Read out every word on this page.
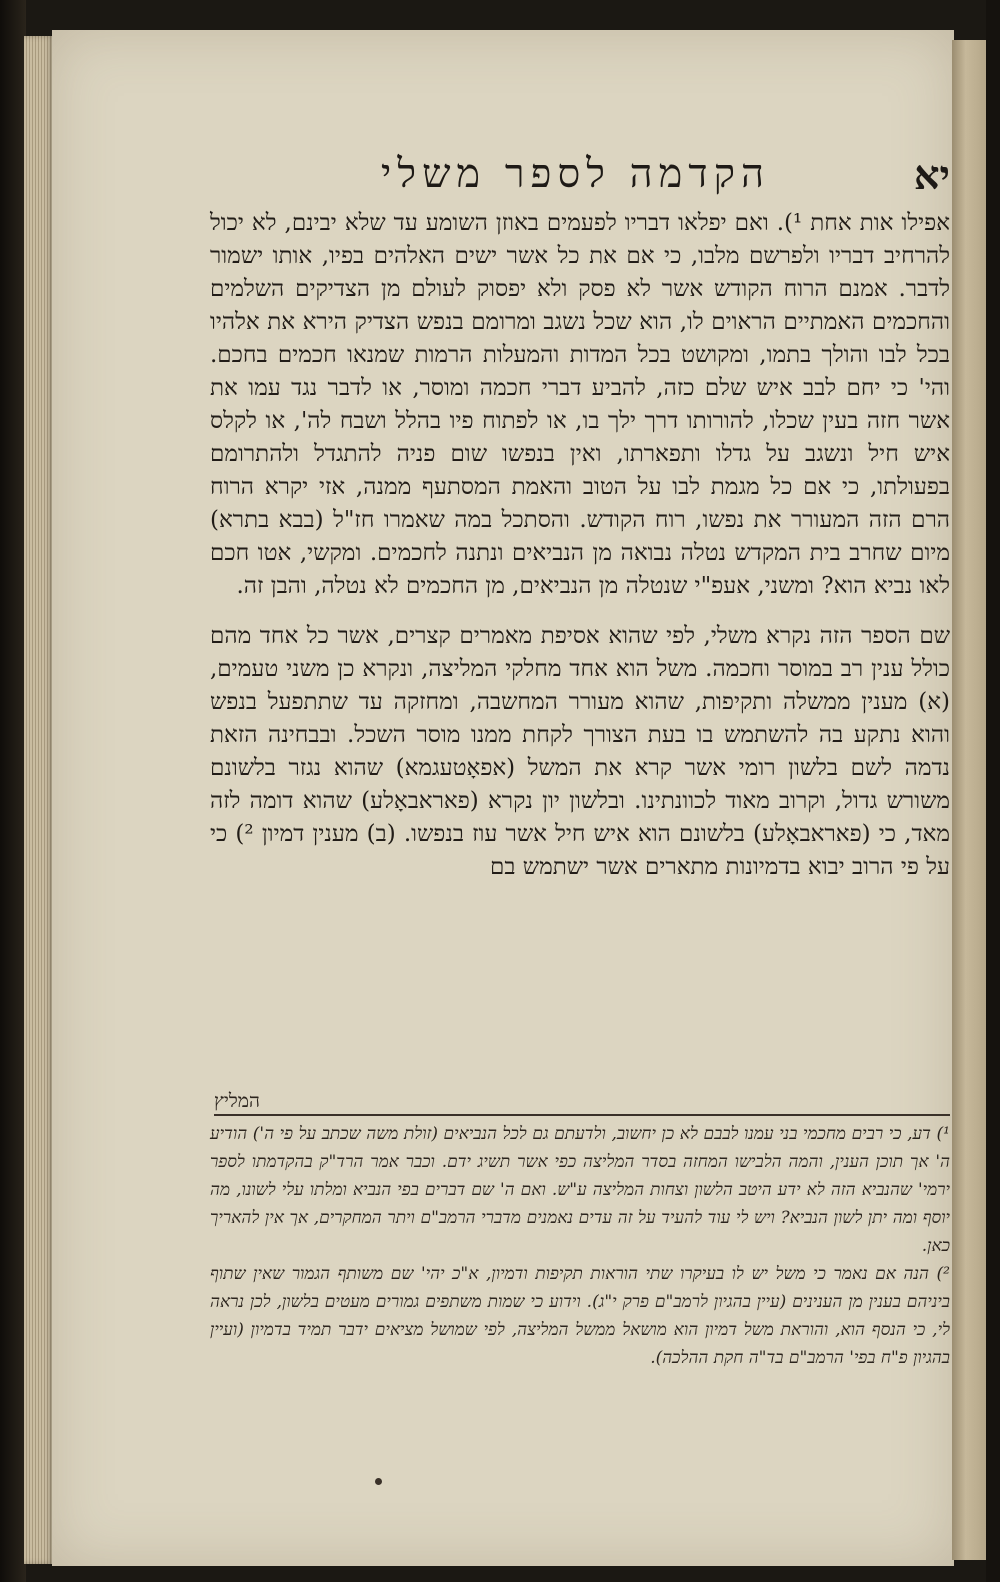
יא
הקדמה לספר משלי

אפילו אות אחת ¹). ואם יפלאו דבריו לפעמים באוזן השומע עד שלא יבינם, לא יכול להרחיב דבריו ולפרשם מלבו, כי אם את כל אשר ישים האלהים בפיו, אותו ישמור לדבר. אמנם הרוח הקודש אשר לא פסק ולא יפסוק לעולם מן הצדיקים השלמים והחכמים האמתיים הראוים לו, הוא שכל נשגב ומרומם בנפש הצדיק הירא את אלהיו בכל לבו והולך בתמו, ומקושט בכל המדות והמעלות הרמות שמנאו חכמים בחכם. והי' כי יחם לבב איש שלם כזה, להביע דברי חכמה ומוסר, או לדבר נגד עמו את אשר חזה בעין שכלו, להורותו דרך ילך בו, או לפתוח פיו בהלל ושבח לה', או לקלס איש חיל ונשגב על גדלו ותפארתו, ואין בנפשו שום פניה להתגדל ולהתרומם בפעולתו, כי אם כל מגמת לבו על הטוב והאמת המסתעף ממנה, אזי יקרא הרוח הרם הזה המעורר את נפשו, רוח הקודש. והסתכל במה שאמרו חז"ל (בבא בתרא) מיום שחרב בית המקדש נטלה נבואה מן הנביאים ונתנה לחכמים. ומקשי, אטו חכם לאו נביא הוא? ומשני, אעפ"י שנטלה מן הנביאים, מן החכמים לא נטלה, והבן זה.

שם הספר הזה נקרא משלי, לפי שהוא אסיפת מאמרים קצרים, אשר כל אחד מהם כולל ענין רב במוסר וחכמה. משל הוא אחד מחלקי המליצה, ונקרא כן משני טעמים, (א) מענין ממשלה ותקיפות, שהוא מעורר המחשבה, ומחזקה עד שתתפעל בנפש והוא נתקע בה להשתמש בו בעת הצורך לקחת ממנו מוסר השכל. ובבחינה הזאת נדמה לשם בלשון רומי אשר קרא את המשל (אפאָטעגמא) שהוא נגזר בלשונם משורש גדול, וקרוב מאוד לכוונתינו. ובלשון יון נקרא (פאראבאָלע) שהוא דומה לזה מאד, כי (פאראבאָלע) בלשונם הוא איש חיל אשר עוז בנפשו. (ב) מענין דמיון ²) כי על פי הרוב יבוא בדמיונות מתארים אשר ישתמש בם

המליץ

¹) דע, כי רבים מחכמי בני עמנו לבבם לא כן יחשוב, ולדעתם גם לכל הנביאים (זולת משה שכתב על פי ה') הודיע ה' אך תוכן הענין, והמה הלבישו המחזה בסדר המליצה כפי אשר תשיג ידם. וכבר אמר הרד"ק בהקדמתו לספר ירמי' שהנביא הזה לא ידע היטב הלשון וצחות המליצה ע"ש. ואם ה' שם דברים בפי הנביא ומלתו עלי לשונו, מה יוסף ומה יתן לשון הנביא? ויש לי עוד להעיד על זה עדים נאמנים מדברי הרמב"ם ויתר המחקרים, אך אין להאריך כאן.

²) הנה אם נאמר כי משל יש לו בעיקרו שתי הוראות תקיפות ודמיון, א"כ יהי' שם משותף הגמור שאין שתוף ביניהם בענין מן הענינים (עיין בהגיון לרמב"ם פרק י"ג). וידוע כי שמות משתפים גמורים מעטים בלשון, לכן נראה לי, כי הנסף הוא, והוראת משל דמיון הוא מושאל ממשל המליצה, לפי שמושל מציאים ידבר תמיד בדמיון (ועיין בהגיון פ"ח בפי' הרמב"ם בד"ה חקת ההלכה).
